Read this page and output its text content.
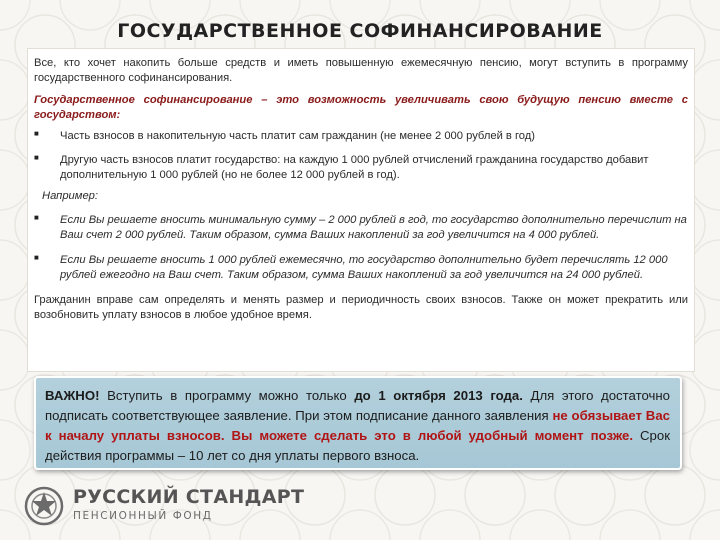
ГОСУДАРСТВЕННОЕ СОФИНАНСИРОВАНИЕ

Все, кто хочет накопить больше средств и иметь повышенную ежемесячную пенсию, могут вступить в программу государственного софинансирования.

Государственное софинансирование – это возможность увеличивать свою будущую пенсию вместе с государством:

■ Часть взносов в накопительную часть платит сам гражданин (не менее 2 000 рублей в год)
■ Другую часть взносов платит государство: на каждую 1 000 рублей отчислений гражданина государство добавит дополнительную 1 000 рублей (но не более 12 000 рублей в год).
Например:
■ Если Вы решаете вносить минимальную сумму – 2 000 рублей в год, то государство дополнительно перечислит на Ваш счет 2 000 рублей. Таким образом, сумма Ваших накоплений за год увеличится на 4 000 рублей.
■ Если Вы решаете вносить 1 000 рублей ежемесячно, то государство дополнительно будет перечислять 12 000 рублей ежегодно на Ваш счет. Таким образом, сумма Ваших накоплений за год увеличится на 24 000 рублей.

Гражданин вправе сам определять и менять размер и периодичность своих взносов. Также он может прекратить или возобновить уплату взносов в любое удобное время.

ВАЖНО! Вступить в программу можно только до 1 октября 2013 года. Для этого достаточно подписать соответствующее заявление. При этом подписание данного заявления не обязывает Вас к началу уплаты взносов. Вы можете сделать это в любой удобный момент позже. Срок действия программы – 10 лет со дня уплаты первого взноса.
РУССКИЙ СТАНДАРТ
ПЕНСИОННЫЙ ФОНД
